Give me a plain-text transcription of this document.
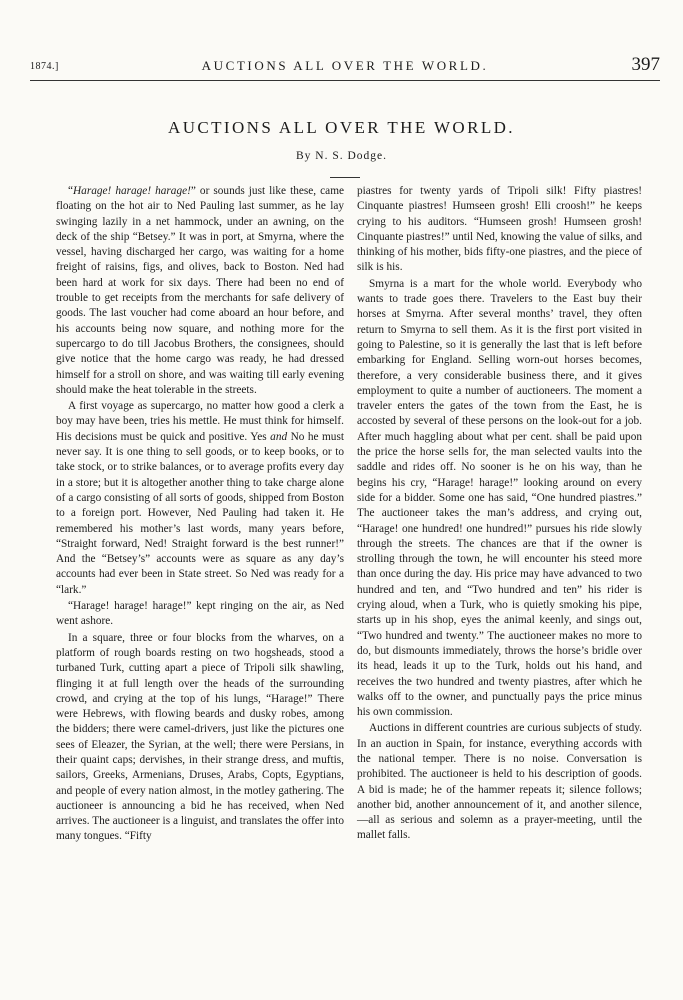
1874.]	AUCTIONS ALL OVER THE WORLD.	397
AUCTIONS ALL OVER THE WORLD.
By N. S. Dodge.

“Harage! harage! harage!” or sounds just like these, came floating on the hot air to Ned Pauling last summer, as he lay swinging lazily in a net hammock, under an awning, on the deck of the ship “Betsey.” It was in port, at Smyrna, where the vessel, having discharged her cargo, was waiting for a home freight of raisins, figs, and olives, back to Boston. Ned had been hard at work for six days. There had been no end of trouble to get receipts from the merchants for safe delivery of goods. The last voucher had come aboard an hour before, and his accounts being now square, and nothing more for the supercargo to do till Jacobus Brothers, the consignees, should give notice that the home cargo was ready, he had dressed himself for a stroll on shore, and was waiting till early evening should make the heat tolerable in the streets.

A first voyage as supercargo, no matter how good a clerk a boy may have been, tries his mettle. He must think for himself. His decisions must be quick and positive. Yes and No he must never say. It is one thing to sell goods, or to keep books, or to take stock, or to strike balances, or to average profits every day in a store; but it is altogether another thing to take charge alone of a cargo consisting of all sorts of goods, shipped from Boston to a foreign port. However, Ned Pauling had taken it. He remembered his mother’s last words, many years before, “Straight forward, Ned! Straight forward is the best runner!” And the “Betsey’s” accounts were as square as any day’s accounts had ever been in State street. So Ned was ready for a “lark.”

“Harage! harage! harage!” kept ringing on the air, as Ned went ashore.

In a square, three or four blocks from the wharves, on a platform of rough boards resting on two hogsheads, stood a turbaned Turk, cutting apart a piece of Tripoli silk shawling, flinging it at full length over the heads of the surrounding crowd, and crying at the top of his lungs, “Harage!” There were Hebrews, with flowing beards and dusky robes, among the bidders; there were camel-drivers, just like the pictures one sees of Eleazer, the Syrian, at the well; there were Persians, in their quaint caps; dervishes, in their strange dress, and muftis, sailors, Greeks, Armenians, Druses, Arabs, Copts, Egyptians, and people of every nation almost, in the motley gathering. The auctioneer is announcing a bid he has received, when Ned arrives. The auctioneer is a linguist, and translates the offer into many tongues. “Fifty

piastres for twenty yards of Tripoli silk! Fifty piastres! Cinquante piastres! Humseen grosh! Elli croosh!” he keeps crying to his auditors. “Humseen grosh! Humseen grosh! Cinquante piastres!” until Ned, knowing the value of silks, and thinking of his mother, bids fifty-one piastres, and the piece of silk is his.

Smyrna is a mart for the whole world. Everybody who wants to trade goes there. Travelers to the East buy their horses at Smyrna. After several months’ travel, they often return to Smyrna to sell them. As it is the first port visited in going to Palestine, so it is generally the last that is left before embarking for England. Selling worn-out horses becomes, therefore, a very considerable business there, and it gives employment to quite a number of auctioneers. The moment a traveler enters the gates of the town from the East, he is accosted by several of these persons on the look-out for a job. After much haggling about what per cent. shall be paid upon the price the horse sells for, the man selected vaults into the saddle and rides off. No sooner is he on his way, than he begins his cry, “Harage! harage!” looking around on every side for a bidder. Some one has said, “One hundred piastres.” The auctioneer takes the man’s address, and crying out, “Harage! one hundred! one hundred!” pursues his ride slowly through the streets. The chances are that if the owner is strolling through the town, he will encounter his steed more than once during the day. His price may have advanced to two hundred and ten, and “Two hundred and ten” his rider is crying aloud, when a Turk, who is quietly smoking his pipe, starts up in his shop, eyes the animal keenly, and sings out, “Two hundred and twenty.” The auctioneer makes no more to do, but dismounts immediately, throws the horse’s bridle over its head, leads it up to the Turk, holds out his hand, and receives the two hundred and twenty piastres, after which he walks off to the owner, and punctually pays the price minus his own commission.

Auctions in different countries are curious subjects of study. In an auction in Spain, for instance, everything accords with the national temper. There is no noise. Conversation is prohibited. The auctioneer is held to his description of goods. A bid is made; he of the hammer repeats it; silence follows; another bid, another announcement of it, and another silence,—all as serious and solemn as a prayer-meeting, until the mallet falls.
